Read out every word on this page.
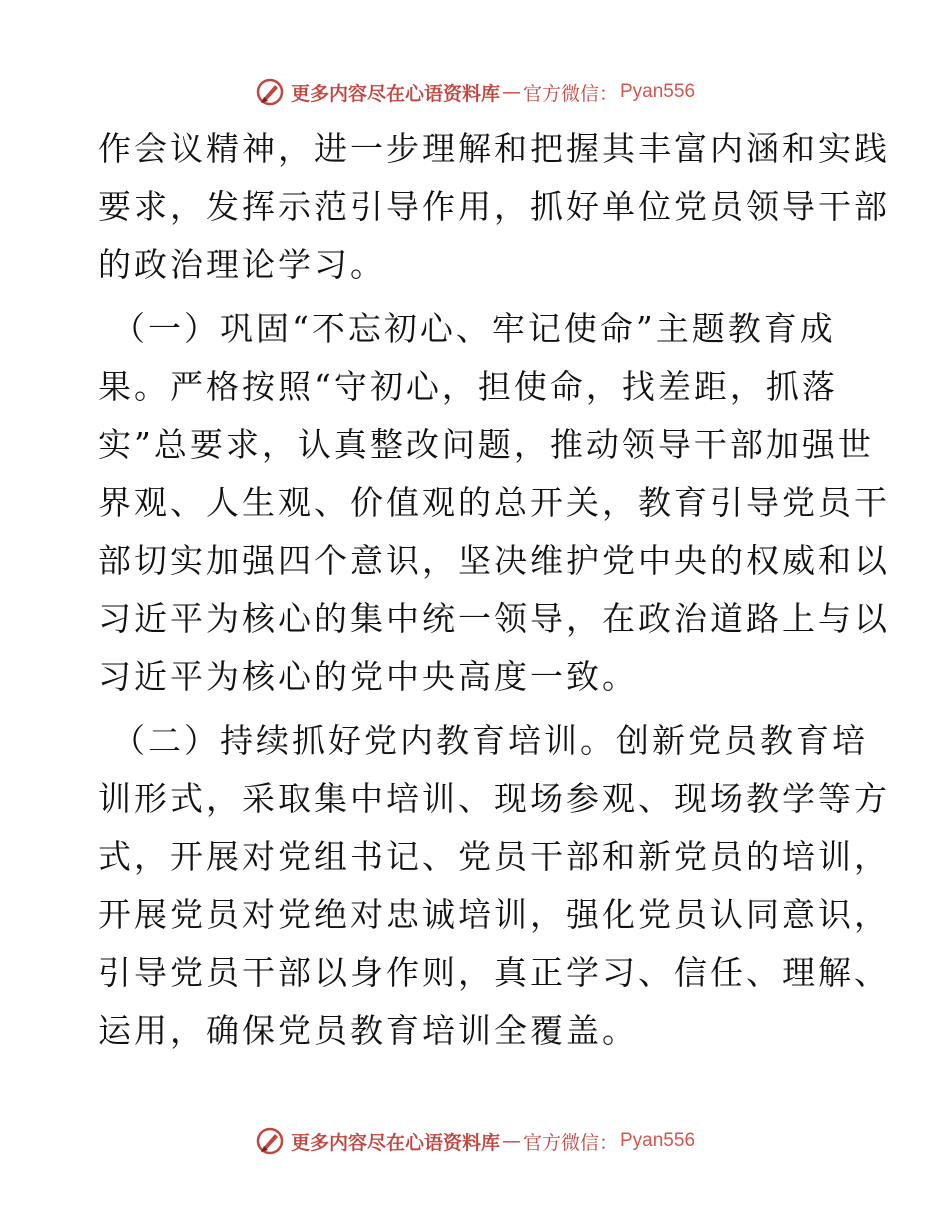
更多内容尽在心语资料库 — 官方微信： Pyan556

作会议精神，进一步理解和把握其丰富内涵和实践
要求，发挥示范引导作用，抓好单位党员领导干部
的政治理论学习。

（一）巩固“不忘初心、牢记使命”主题教育成
果。严格按照“守初心，担使命，找差距，抓落
实”总要求，认真整改问题，推动领导干部加强世
界观、人生观、价值观的总开关，教育引导党员干
部切实加强四个意识，坚决维护党中央的权威和以
习近平为核心的集中统一领导，在政治道路上与以
习近平为核心的党中央高度一致。

（二）持续抓好党内教育培训。创新党员教育培
训形式，采取集中培训、现场参观、现场教学等方
式，开展对党组书记、党员干部和新党员的培训，
开展党员对党绝对忠诚培训，强化党员认同意识，
引导党员干部以身作则，真正学习、信任、理解、
运用，确保党员教育培训全覆盖。

更多内容尽在心语资料库 — 官方微信： Pyan556
